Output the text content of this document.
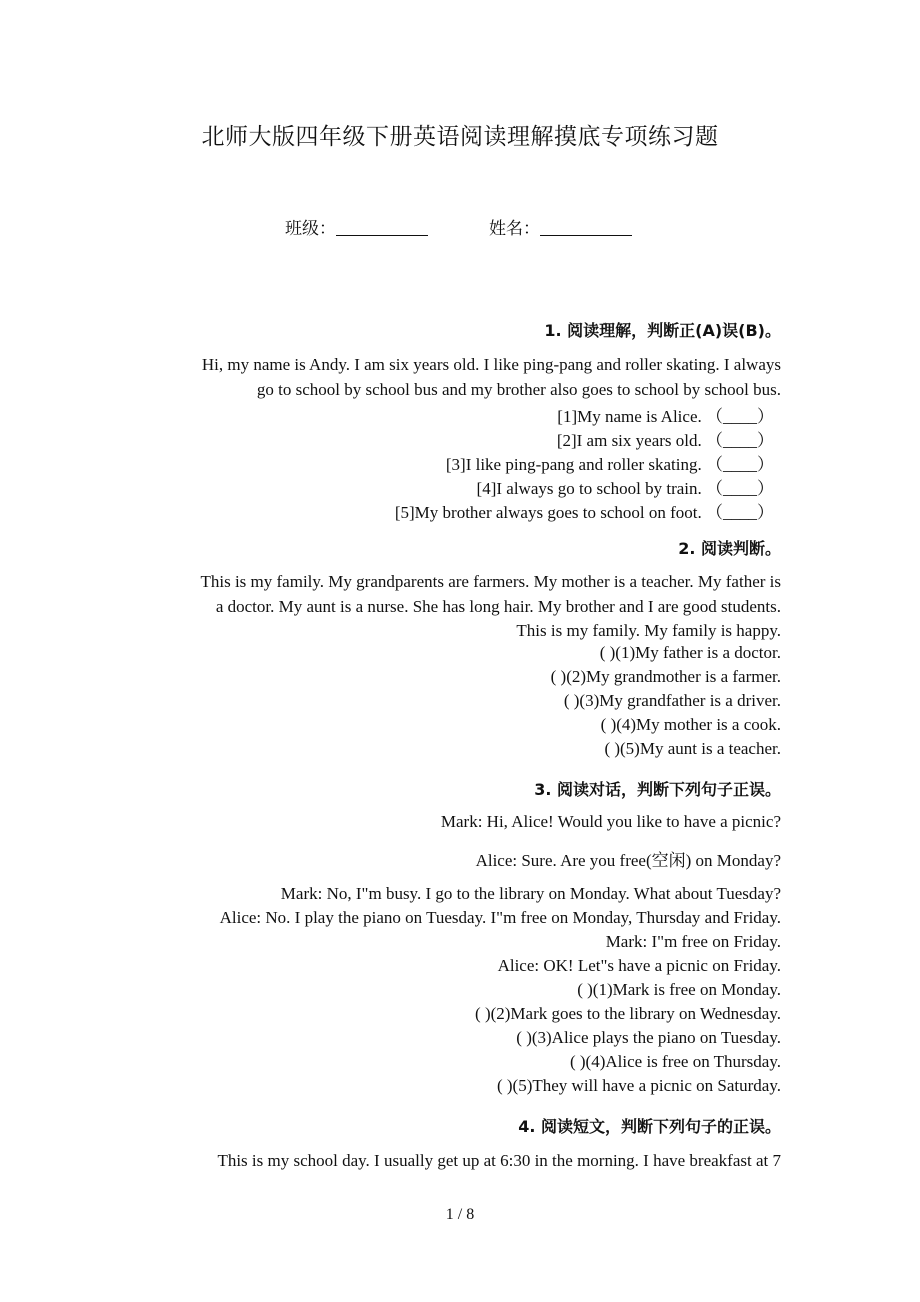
北师大版四年级下册英语阅读理解摸底专项练习题
班级：	姓名：
1. 阅读理解，判断正(A)误(B)。
Hi, my name is Andy. I am six years old. I like ping-pang and roller skating. I always
go to school by school bus and my brother also goes to school by school bus.
[1]My name is Alice. （____）
[2]I am six years old. （____）
[3]I like ping-pang and roller skating. （____）
[4]I always go to school by train. （____）
[5]My brother always goes to school on foot. （____）
2. 阅读判断。
This is my family. My grandparents are farmers. My mother is a teacher. My father is
a doctor. My aunt is a nurse. She has long hair. My brother and I are good students.
This is my family. My family is happy.
( )(1)My father is a doctor.
( )(2)My grandmother is a farmer.
( )(3)My grandfather is a driver.
( )(4)My mother is a cook.
( )(5)My aunt is a teacher.
3. 阅读对话，判断下列句子正误。
Mark: Hi, Alice! Would you like to have a picnic?
Alice: Sure. Are you free(空闲) on Monday?
Mark: No, I"m busy. I go to the library on Monday. What about Tuesday?
Alice: No. I play the piano on Tuesday. I"m free on Monday, Thursday and Friday.
Mark: I"m free on Friday.
Alice: OK! Let"s have a picnic on Friday.
( )(1)Mark is free on Monday.
( )(2)Mark goes to the library on Wednesday.
( )(3)Alice plays the piano on Tuesday.
( )(4)Alice is free on Thursday.
( )(5)They will have a picnic on Saturday.
4. 阅读短文，判断下列句子的正误。
This is my school day. I usually get up at 6:30 in the morning. I have breakfast at 7
1 / 8
